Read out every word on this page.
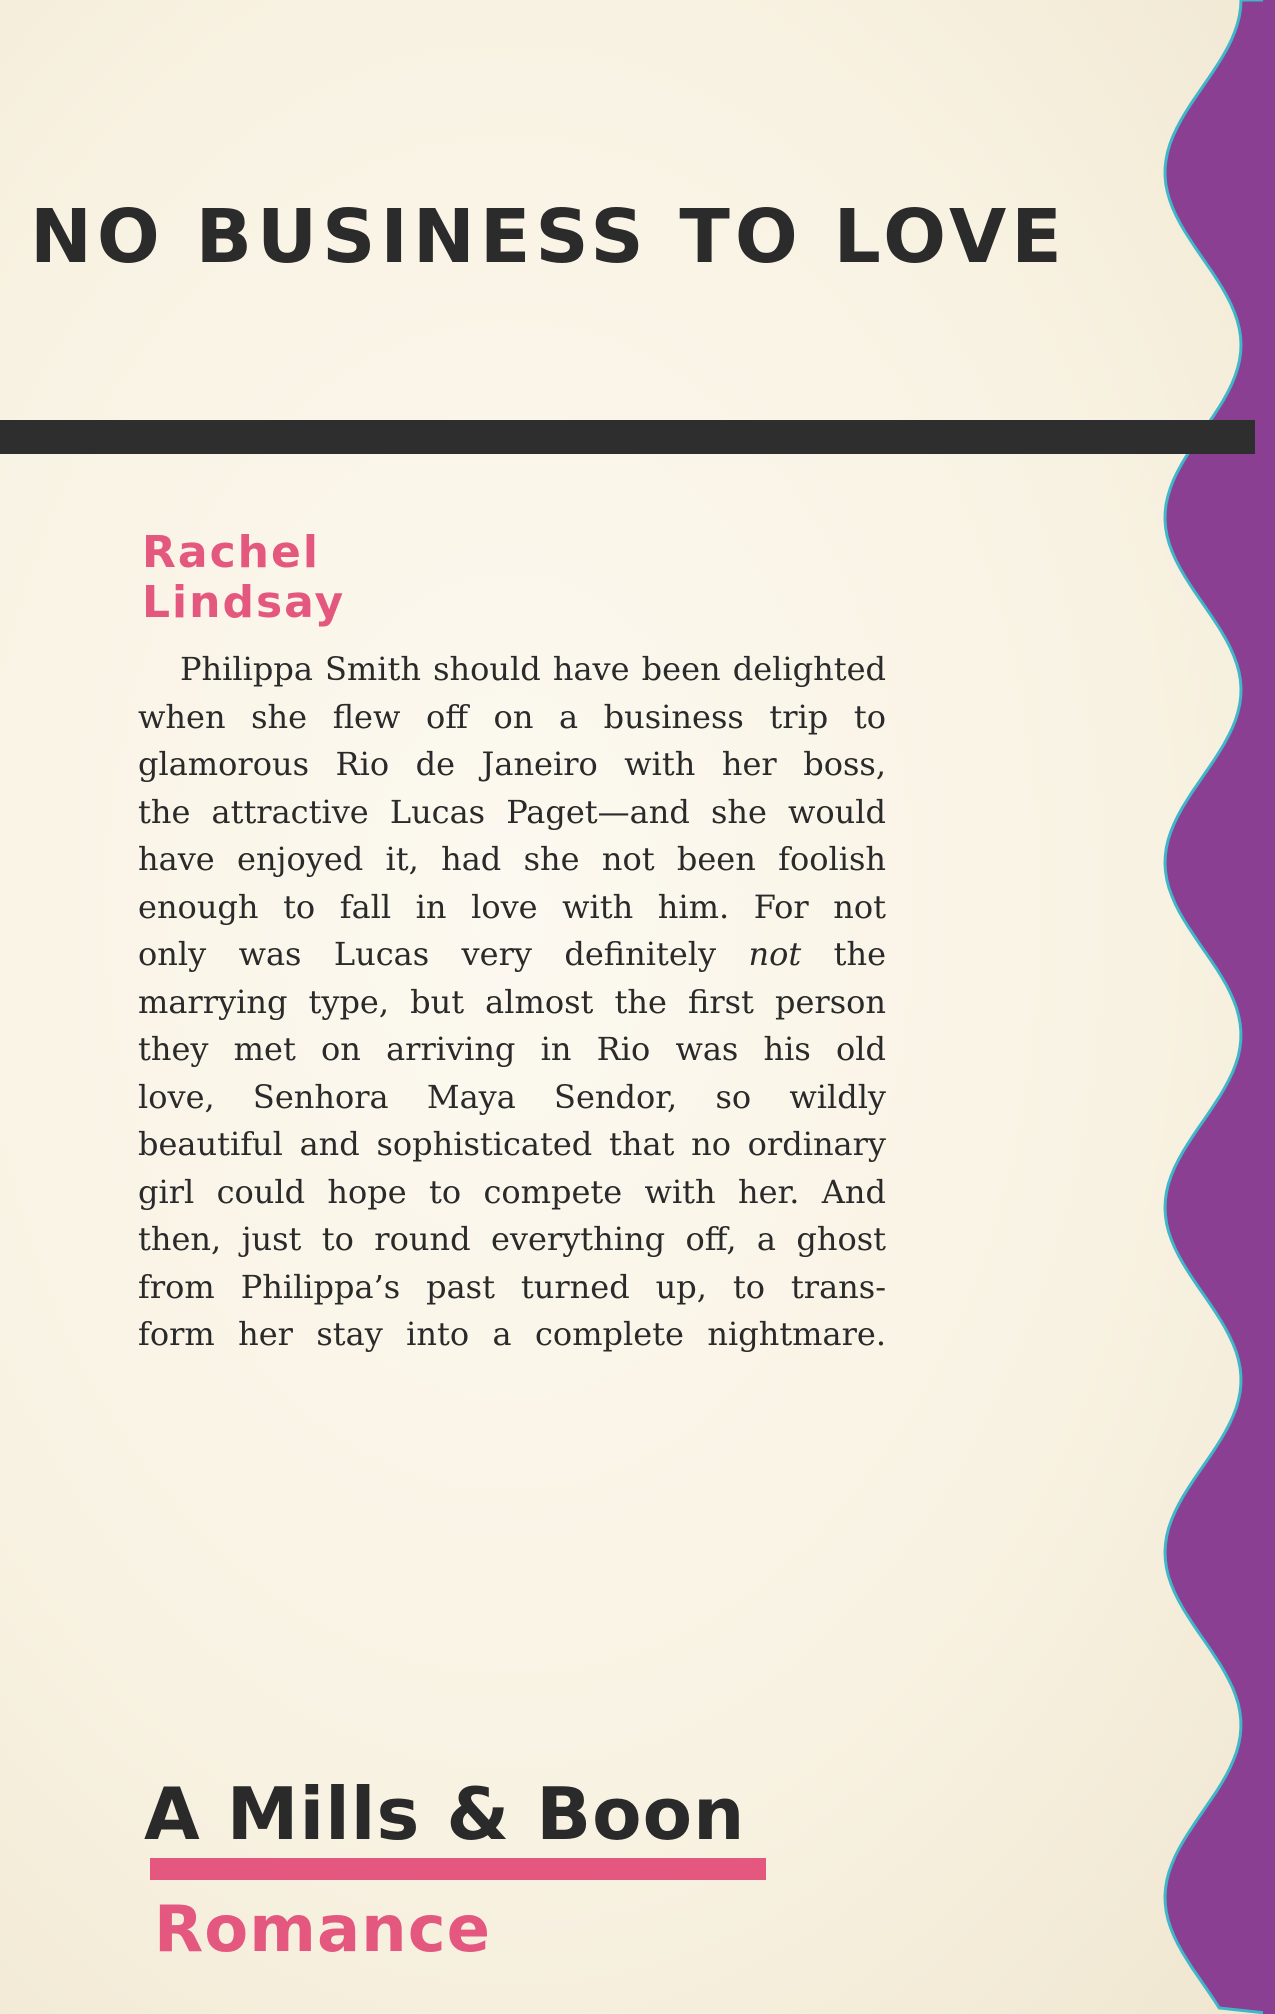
NO BUSINESS TO LOVE
Rachel
Lindsay

Philippa Smith should have been delighted
when she flew off on a business trip to
glamorous Rio de Janeiro with her boss,
the attractive Lucas Paget—and she would
have enjoyed it, had she not been foolish
enough to fall in love with him. For not
only was Lucas very definitely not the
marrying type, but almost the first person
they met on arriving in Rio was his old
love, Senhora Maya Sendor, so wildly
beautiful and sophisticated that no ordinary
girl could hope to compete with her. And
then, just to round everything off, a ghost
from Philippa’s past turned up, to trans-
form her stay into a complete nightmare.

A Mills & Boon
Romance
